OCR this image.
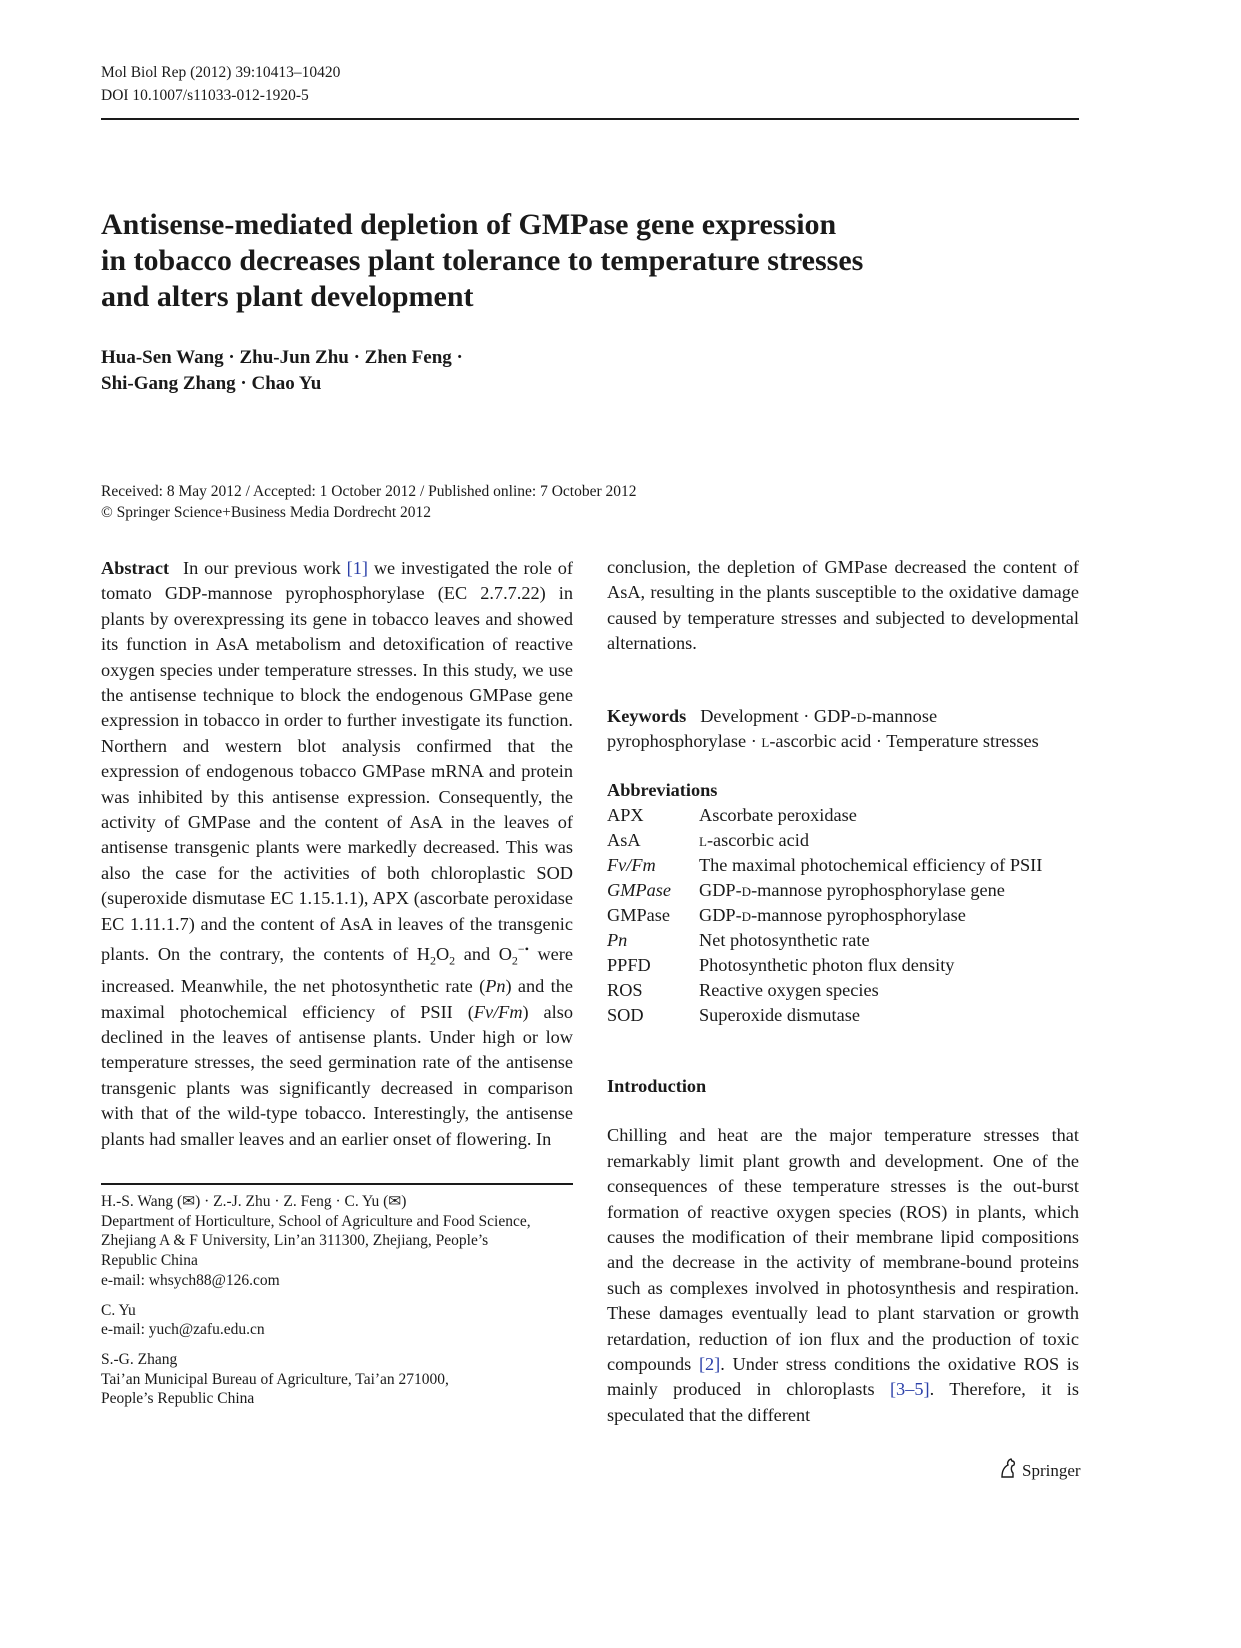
Mol Biol Rep (2012) 39:10413–10420
DOI 10.1007/s11033-012-1920-5
Antisense-mediated depletion of GMPase gene expression
in tobacco decreases plant tolerance to temperature stresses
and alters plant development
Hua-Sen Wang · Zhu-Jun Zhu · Zhen Feng ·
Shi-Gang Zhang · Chao Yu
Received: 8 May 2012 / Accepted: 1 October 2012 / Published online: 7 October 2012
© Springer Science+Business Media Dordrecht 2012

Abstract In our previous work [1] we investigated the role of tomato GDP-mannose pyrophosphorylase (EC 2.7.7.22) in plants by overexpressing its gene in tobacco leaves and showed its function in AsA metabolism and detoxification of reactive oxygen species under temperature stresses. In this study, we use the antisense technique to block the endogenous GMPase gene expression in tobacco in order to further investigate its function. Northern and western blot analysis confirmed that the expression of endogenous tobacco GMPase mRNA and protein was inhibited by this antisense expression. Consequently, the activity of GMPase and the content of AsA in the leaves of antisense transgenic plants were markedly decreased. This was also the case for the activities of both chloroplastic SOD (superoxide dismutase EC 1.15.1.1), APX (ascorbate peroxidase EC 1.11.1.7) and the content of AsA in leaves of the transgenic plants. On the contrary, the contents of $H_2O_2$ and $O_2^{-•}$ were increased. Meanwhile, the net photosynthetic rate (Pn) and the maximal photochemical efficiency of PSII (Fv/Fm) also declined in the leaves of antisense plants. Under high or low temperature stresses, the seed germination rate of the antisense transgenic plants was significantly decreased in comparison with that of the wild-type tobacco. Interestingly, the antisense plants had smaller leaves and an earlier onset of flowering. In

conclusion, the depletion of GMPase decreased the content of AsA, resulting in the plants susceptible to the oxidative damage caused by temperature stresses and subjected to developmental alternations.

H.-S. Wang (✉) · Z.-J. Zhu · Z. Feng · C. Yu (✉)

Department of Horticulture, School of Agriculture and Food Science, Zhejiang A & F University, Lin’an 311300, Zhejiang, People’s Republic China

e-mail: whsych88@126.com

C. Yu

e-mail: yuch@zafu.edu.cn

S.-G. Zhang

Tai’an Municipal Bureau of Agriculture, Tai’an 271000,

People’s Republic China

Keywords Development · GDP-d-mannose pyrophosphorylase · l-ascorbic acid · Temperature stresses

Abbreviations
APX	Ascorbate peroxidase
AsA	l-ascorbic acid
Fv/Fm	The maximal photochemical efficiency of PSII
GMPase	GDP-d-mannose pyrophosphorylase gene
GMPase	GDP-d-mannose pyrophosphorylase
Pn	Net photosynthetic rate
PPFD	Photosynthetic photon flux density
ROS	Reactive oxygen species
SOD	Superoxide dismutase
Introduction

Chilling and heat are the major temperature stresses that remarkably limit plant growth and development. One of the consequences of these temperature stresses is the out-burst formation of reactive oxygen species (ROS) in plants, which causes the modification of their membrane lipid compositions and the decrease in the activity of membrane-bound proteins such as complexes involved in photosynthesis and respiration. These damages eventually lead to plant starvation or growth retardation, reduction of ion flux and the production of toxic compounds [2]. Under stress conditions the oxidative ROS is mainly produced in chloroplasts [3–5]. Therefore, it is speculated that the different

Springer
